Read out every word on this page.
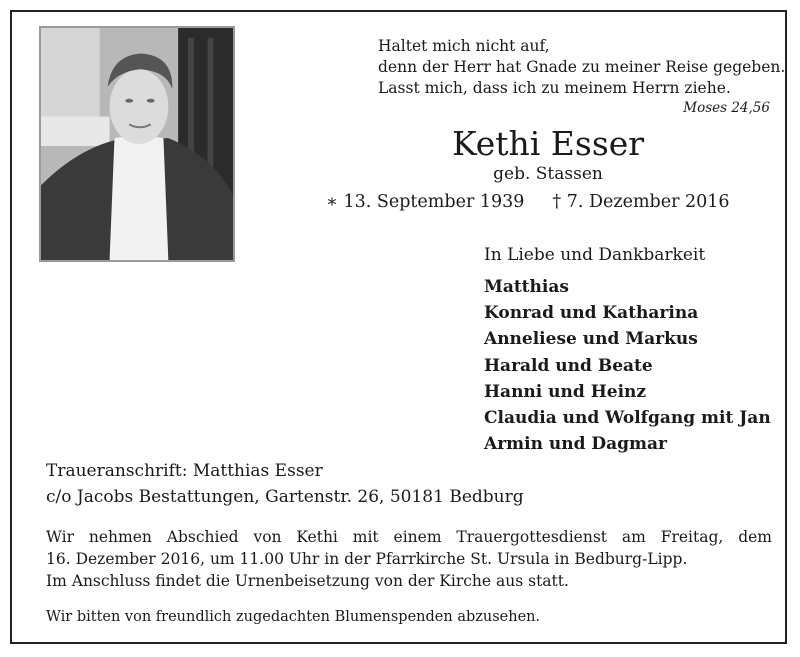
Haltet mich nicht auf,
denn der Herr hat Gnade zu meiner Reise gegeben.
Lasst mich, dass ich zu meinem Herrn ziehe.
Moses 24,56
Kethi Esser
geb. Stassen
∗ 13. September 1939 † 7. Dezember 2016
In Liebe und Dankbarkeit
Matthias
Konrad und Katharina
Anneliese und Markus
Harald und Beate
Hanni und Heinz
Claudia und Wolfgang mit Jan
Armin und Dagmar
Traueranschrift: Matthias Esser
c/o Jacobs Bestattungen, Gartenstr. 26, 50181 Bedburg
Wir nehmen Abschied von Kethi mit einem Trauergottesdienst am Freitag, dem
16. Dezember 2016, um 11.00 Uhr in der Pfarrkirche St. Ursula in Bedburg-Lipp.
Im Anschluss findet die Urnenbeisetzung von der Kirche aus statt.
Wir bitten von freundlich zugedachten Blumenspenden abzusehen.
